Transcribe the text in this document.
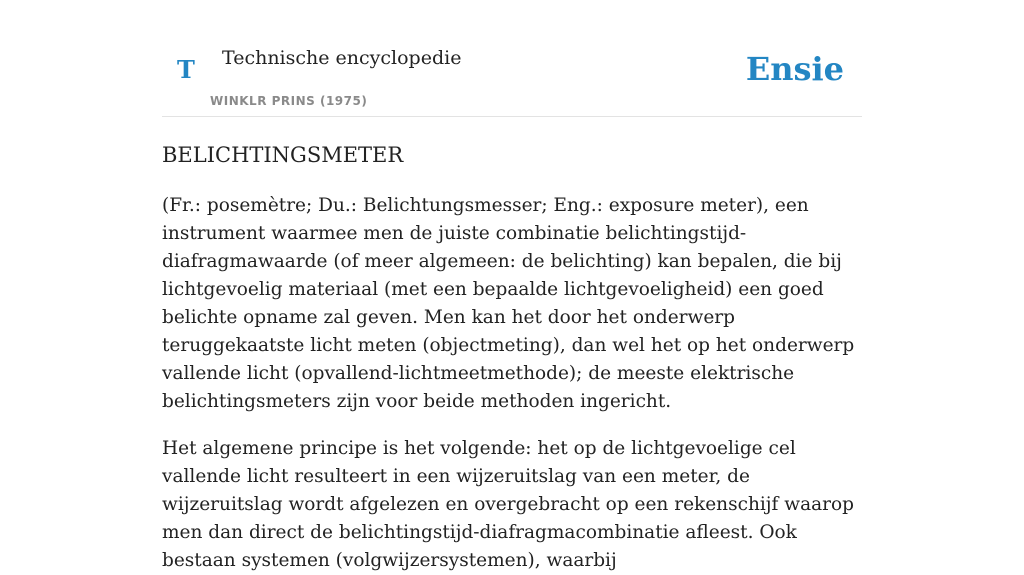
T Technische encyclopedie
WINKLR PRINS (1975)
Ensie
BELICHTINGSMETER

(Fr.: posemètre; Du.: Belichtungsmesser; Eng.: exposure meter), een instrument waarmee men de juiste combinatie belichtingstijd-diafragmawaarde (of meer algemeen: de belichting) kan bepalen, die bij lichtgevoelig materiaal (met een bepaalde lichtgevoeligheid) een goed belichte opname zal geven. Men kan het door het onderwerp teruggekaatste licht meten (objectmeting), dan wel het op het onderwerp vallende licht (opvallend-lichtmeetmethode); de meeste elektrische belichtingsmeters zijn voor beide methoden ingericht.

Het algemene principe is het volgende: het op de lichtgevoelige cel vallende licht resulteert in een wijzeruitslag van een meter, de wijzeruitslag wordt afgelezen en overgebracht op een rekenschijf waarop men dan direct de belichtingstijd-diafragmacombinatie afleest. Ook bestaan systemen (volgwijzersystemen), waarbij
